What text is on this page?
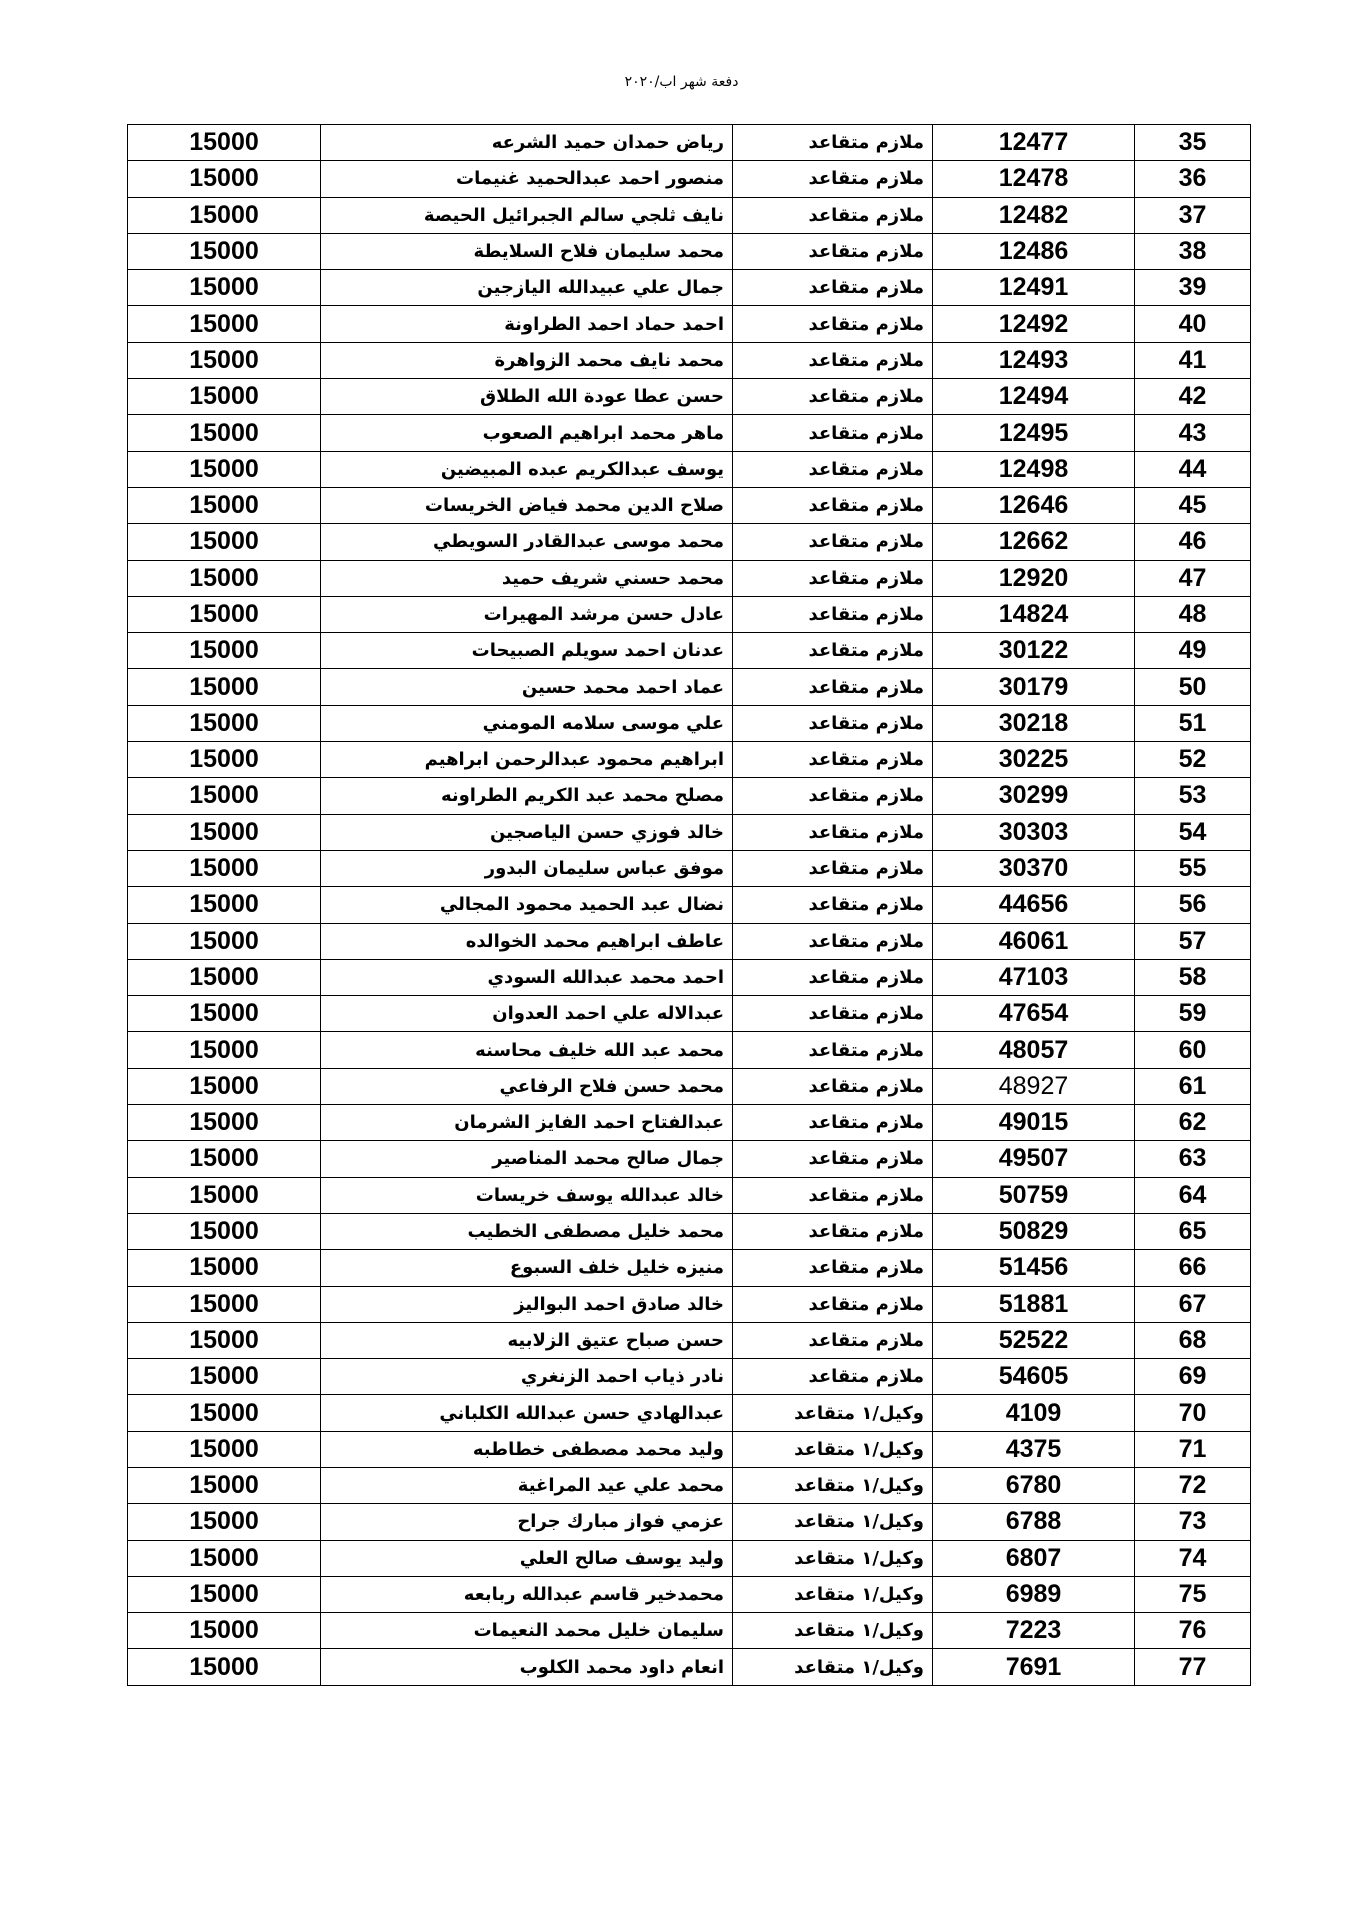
دفعة شهر اب/٢٠٢٠
35	12477	ملازم متقاعد	رياض حمدان حميد الشرعه	15000
36	12478	ملازم متقاعد	منصور احمد عبدالحميد غنيمات	15000
37	12482	ملازم متقاعد	نايف ثلجي سالم الجبرائيل الحيصة	15000
38	12486	ملازم متقاعد	محمد سليمان فلاح السلايطة	15000
39	12491	ملازم متقاعد	جمال علي عبيدالله اليازجين	15000
40	12492	ملازم متقاعد	احمد حماد احمد الطراونة	15000
41	12493	ملازم متقاعد	محمد نايف محمد الزواهرة	15000
42	12494	ملازم متقاعد	حسن عطا عودة الله الطلاق	15000
43	12495	ملازم متقاعد	ماهر محمد ابراهيم الصعوب	15000
44	12498	ملازم متقاعد	يوسف عبدالكريم عبده المبيضين	15000
45	12646	ملازم متقاعد	صلاح الدين محمد فياض الخريسات	15000
46	12662	ملازم متقاعد	محمد موسى عبدالقادر السويطي	15000
47	12920	ملازم متقاعد	محمد حسني شريف حميد	15000
48	14824	ملازم متقاعد	عادل حسن مرشد المهيرات	15000
49	30122	ملازم متقاعد	عدنان احمد سويلم الصبيحات	15000
50	30179	ملازم متقاعد	عماد احمد محمد حسين	15000
51	30218	ملازم متقاعد	علي موسى سلامه المومني	15000
52	30225	ملازم متقاعد	ابراهيم محمود عبدالرحمن ابراهيم	15000
53	30299	ملازم متقاعد	مصلح محمد عبد الكريم الطراونه	15000
54	30303	ملازم متقاعد	خالد فوزي حسن الياصجين	15000
55	30370	ملازم متقاعد	موفق عباس سليمان البدور	15000
56	44656	ملازم متقاعد	نضال عبد الحميد محمود المجالي	15000
57	46061	ملازم متقاعد	عاطف ابراهيم محمد الخوالده	15000
58	47103	ملازم متقاعد	احمد محمد عبدالله السودي	15000
59	47654	ملازم متقاعد	عبدالاله علي احمد العدوان	15000
60	48057	ملازم متقاعد	محمد عبد الله خليف محاسنه	15000
61	48927	ملازم متقاعد	محمد حسن فلاح الرفاعي	15000
62	49015	ملازم متقاعد	عبدالفتاح احمد الفايز الشرمان	15000
63	49507	ملازم متقاعد	جمال صالح محمد المناصير	15000
64	50759	ملازم متقاعد	خالد عبدالله يوسف خريسات	15000
65	50829	ملازم متقاعد	محمد خليل مصطفى الخطيب	15000
66	51456	ملازم متقاعد	منيزه خليل خلف السبوع	15000
67	51881	ملازم متقاعد	خالد صادق احمد البواليز	15000
68	52522	ملازم متقاعد	حسن صباح عتيق الزلابيه	15000
69	54605	ملازم متقاعد	نادر ذياب احمد الزنغري	15000
70	4109	وكيل/١ متقاعد	عبدالهادي حسن عبدالله الكلباني	15000
71	4375	وكيل/١ متقاعد	وليد محمد مصطفى خطاطبه	15000
72	6780	وكيل/١ متقاعد	محمد علي عيد المراغية	15000
73	6788	وكيل/١ متقاعد	عزمي فواز مبارك جراح	15000
74	6807	وكيل/١ متقاعد	وليد يوسف صالح العلي	15000
75	6989	وكيل/١ متقاعد	محمدخير قاسم عبدالله ربابعه	15000
76	7223	وكيل/١ متقاعد	سليمان خليل محمد النعيمات	15000
77	7691	وكيل/١ متقاعد	انعام داود محمد الكلوب	15000
